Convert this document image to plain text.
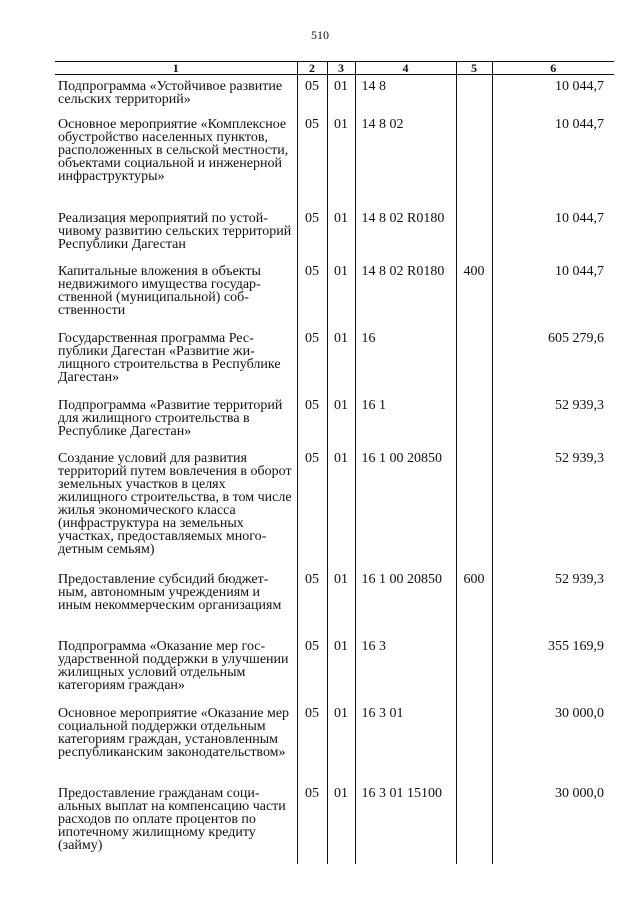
510
1	2	3	4	5	6
Подпрограмма «Устойчивое развитие сельских территорий»	05	01	14 8		10 044,7
Основное мероприятие «Комплексное обустройство населенных пунктов, расположенных в сельской местности, объектами социальной и инженерной инфраструктуры»	05	01	14 8 02		10 044,7
Реализация мероприятий по устойчивому развитию сельских территорий Республики Дагестан	05	01	14 8 02 R0180		10 044,7
Капитальные вложения в объекты недвижимого имущества государственной (муниципальной) собственности	05	01	14 8 02 R0180	400	10 044,7
Государственная программа Республики Дагестан «Развитие жилищного строительства в Республике Дагестан»	05	01	16		605 279,6
Подпрограмма «Развитие территорий для жилищного строительства в Республике Дагестан»	05	01	16 1		52 939,3
Создание условий для развития территорий путем вовлечения в оборот земельных участков в целях жилищного строительства, в том числе жилья экономического класса (инфраструктура на земельных участках, предоставляемых многодетным семьям)	05	01	16 1 00 20850		52 939,3
Предоставление субсидий бюджетным, автономным учреждениям и иным некоммерческим организациям	05	01	16 1 00 20850	600	52 939,3
Подпрограмма «Оказание мер государственной поддержки в улучшении жилищных условий отдельным категориям граждан»	05	01	16 3		355 169,9
Основное мероприятие «Оказание мер социальной поддержки отдельным категориям граждан, установленным республиканским законодательством»	05	01	16 3 01		30 000,0
Предоставление гражданам социальных выплат на компенсацию части расходов по оплате процентов по ипотечному жилищному кредиту (займу)	05	01	16 3 01 15100		30 000,0
